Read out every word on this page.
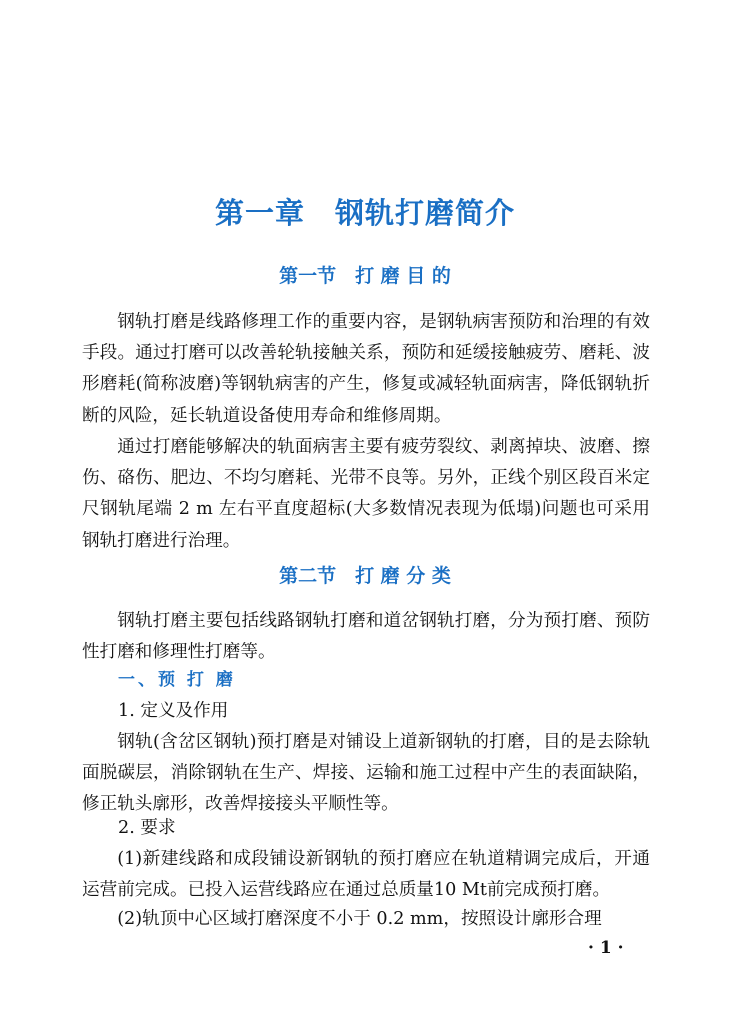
第一章　钢轨打磨简介
第一节　打 磨 目 的

钢轨打磨是线路修理工作的重要内容，是钢轨病害预防和治理的有效手段。通过打磨可以改善轮轨接触关系，预防和延缓接触疲劳、磨耗、波形磨耗(简称波磨)等钢轨病害的产生，修复或减轻轨面病害，降低钢轨折断的风险，延长轨道设备使用寿命和维修周期。

通过打磨能够解决的轨面病害主要有疲劳裂纹、剥离掉块、波磨、擦伤、硌伤、肥边、不均匀磨耗、光带不良等。另外，正线个别区段百米定尺钢轨尾端 2 m 左右平直度超标(大多数情况表现为低塌)问题也可采用钢轨打磨进行治理。

第二节　打 磨 分 类

钢轨打磨主要包括线路钢轨打磨和道岔钢轨打磨，分为预打磨、预防性打磨和修理性打磨等。

一、预 打 磨
1. 定义及作用

钢轨(含岔区钢轨)预打磨是对铺设上道新钢轨的打磨，目的是去除轨面脱碳层，消除钢轨在生产、焊接、运输和施工过程中产生的表面缺陷，修正轨头廓形，改善焊接接头平顺性等。

2. 要求

(1)新建线路和成段铺设新钢轨的预打磨应在轨道精调完成后，开通运营前完成。已投入运营线路应在通过总质量10 Mt前完成预打磨。

(2)轨顶中心区域打磨深度不小于 0.2 mm，按照设计廓形合理
· 1 ·
